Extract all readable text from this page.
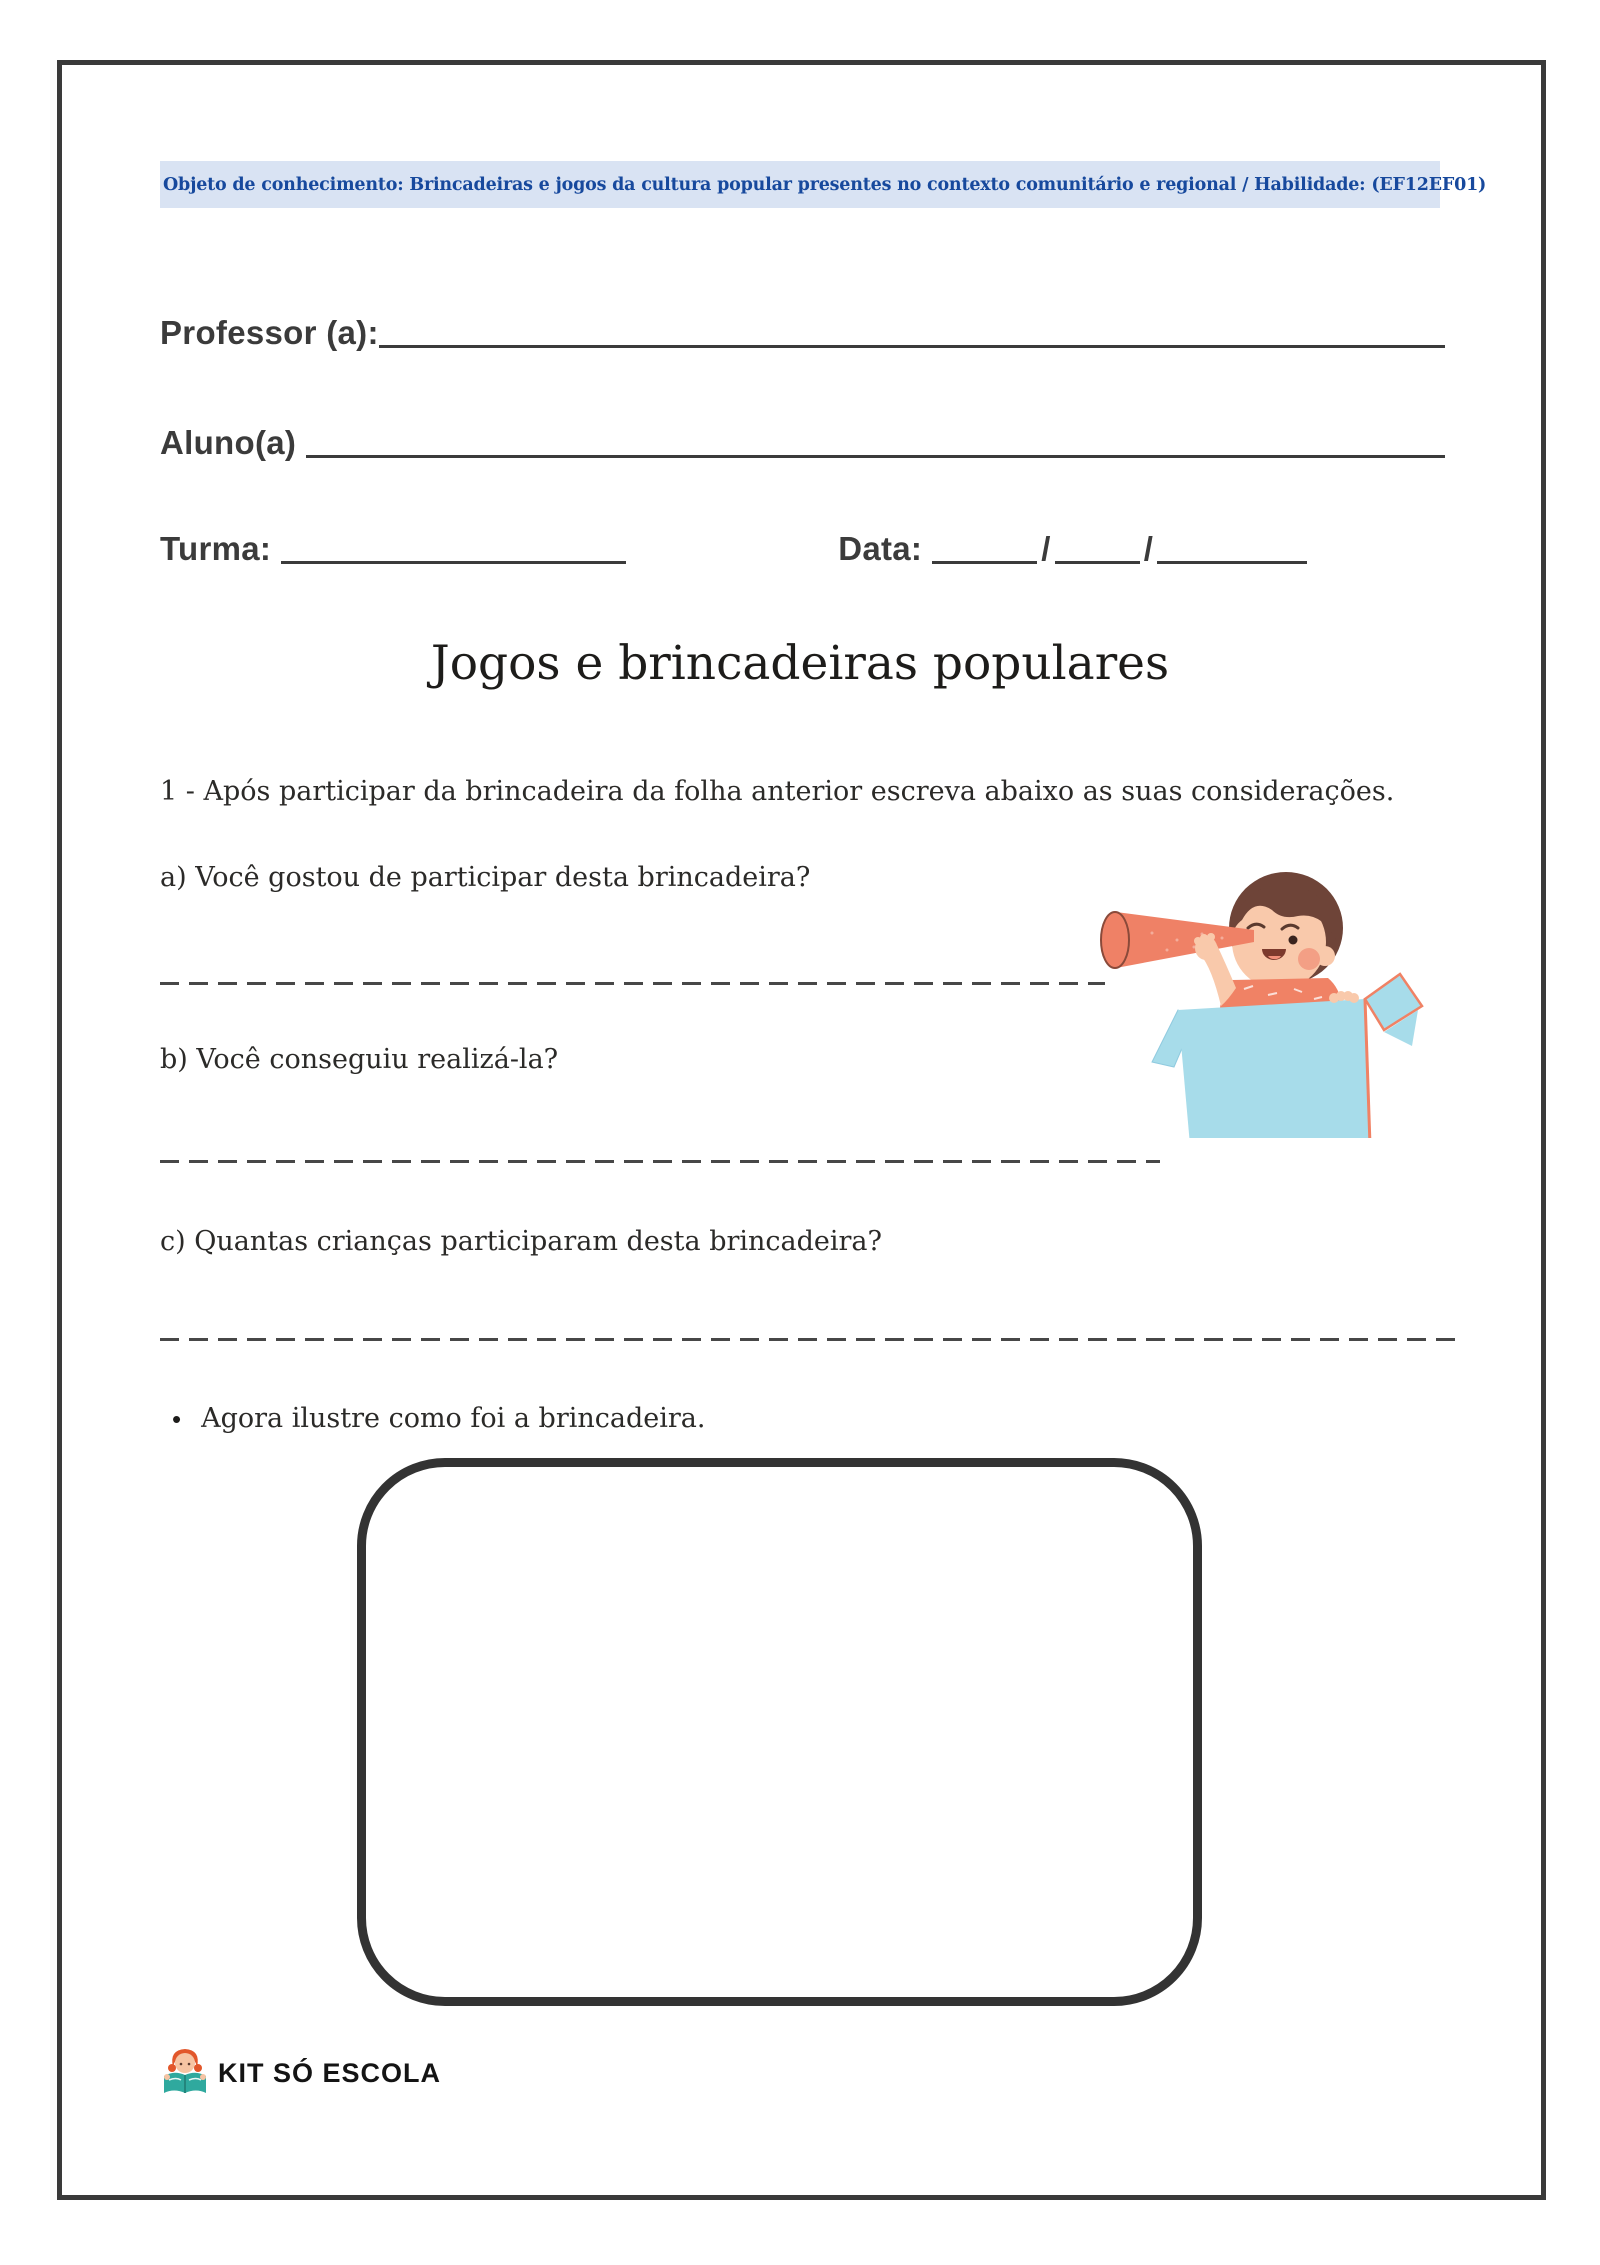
Objeto de conhecimento: Brincadeiras e jogos da cultura popular presentes no contexto comunitário e regional / Habilidade: (EF12EF01)
Professor (a):
Aluno(a)
Turma:	Data:	/	/
Jogos e brincadeiras populares
1 - Após participar da brincadeira da folha anterior escreva abaixo as suas considerações.
a) Você gostou de participar desta brincadeira?
b) Você conseguiu realizá-la?
c) Quantas crianças participaram desta brincadeira?
• Agora ilustre como foi a brincadeira.
KIT SÓ ESCOLA
